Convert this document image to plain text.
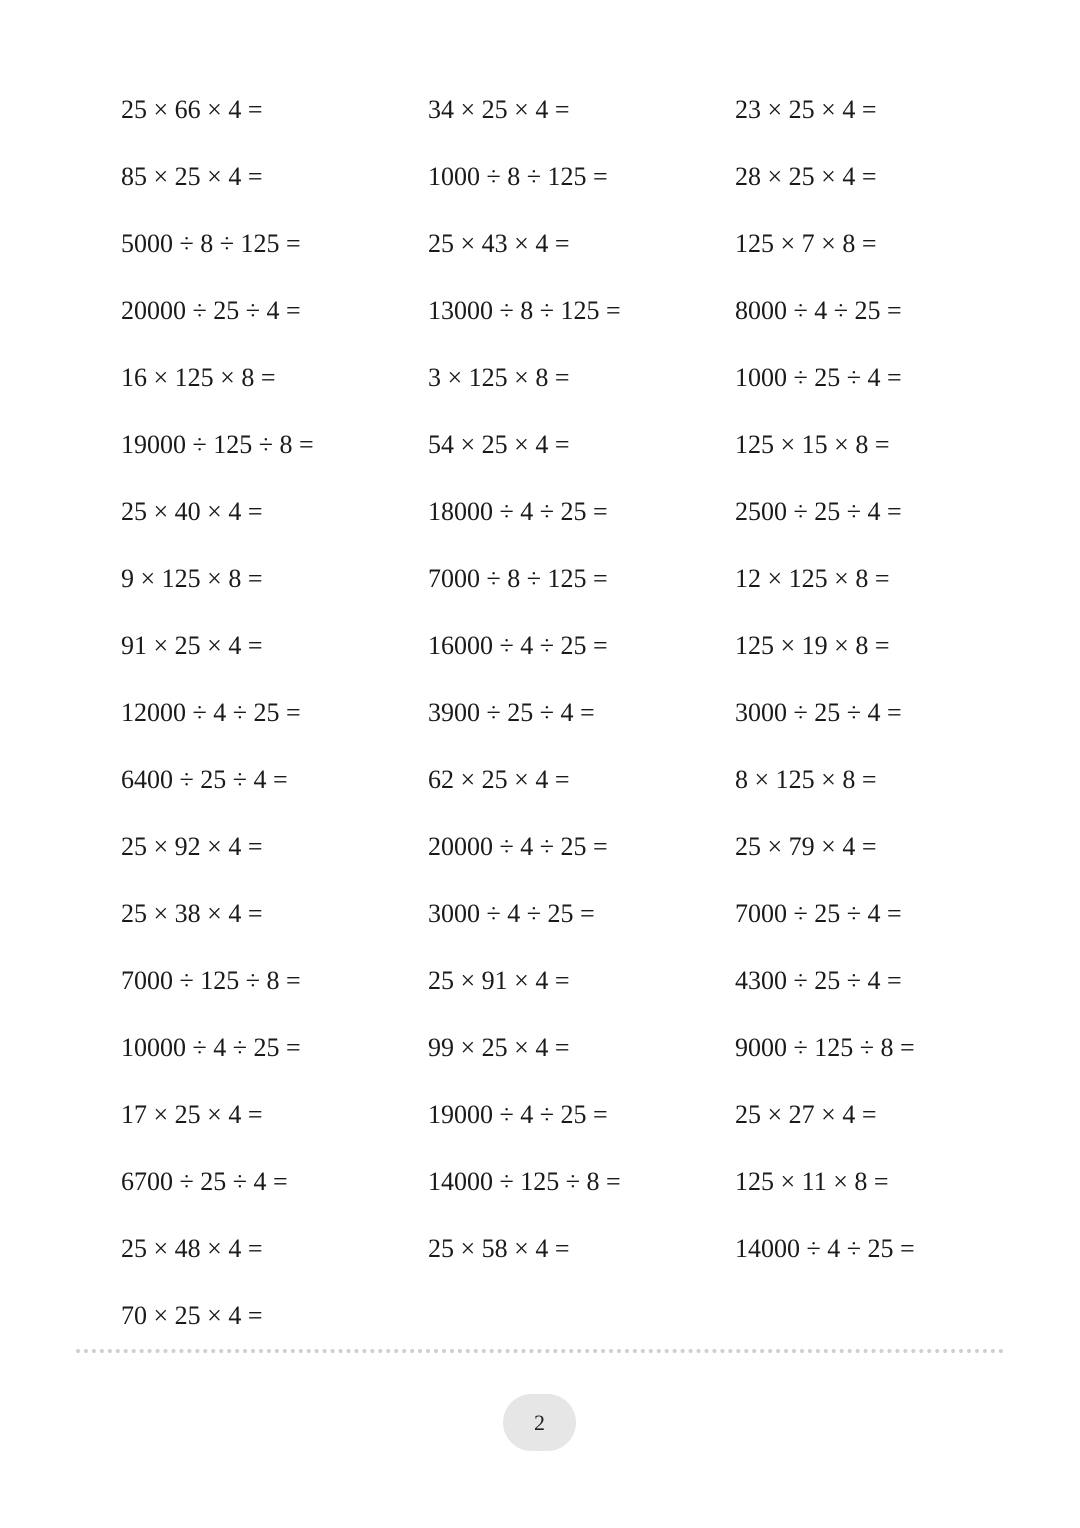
25 × 66 × 4 =	34 × 25 × 4 =	23 × 25 × 4 =
85 × 25 × 4 =	1000 ÷ 8 ÷ 125 =	28 × 25 × 4 =
5000 ÷ 8 ÷ 125 =	25 × 43 × 4 =	125 × 7 × 8 =
20000 ÷ 25 ÷ 4 =	13000 ÷ 8 ÷ 125 =	8000 ÷ 4 ÷ 25 =
16 × 125 × 8 =	3 × 125 × 8 =	1000 ÷ 25 ÷ 4 =
19000 ÷ 125 ÷ 8 =	54 × 25 × 4 =	125 × 15 × 8 =
25 × 40 × 4 =	18000 ÷ 4 ÷ 25 =	2500 ÷ 25 ÷ 4 =
9 × 125 × 8 =	7000 ÷ 8 ÷ 125 =	12 × 125 × 8 =
91 × 25 × 4 =	16000 ÷ 4 ÷ 25 =	125 × 19 × 8 =
12000 ÷ 4 ÷ 25 =	3900 ÷ 25 ÷ 4 =	3000 ÷ 25 ÷ 4 =
6400 ÷ 25 ÷ 4 =	62 × 25 × 4 =	8 × 125 × 8 =
25 × 92 × 4 =	20000 ÷ 4 ÷ 25 =	25 × 79 × 4 =
25 × 38 × 4 =	3000 ÷ 4 ÷ 25 =	7000 ÷ 25 ÷ 4 =
7000 ÷ 125 ÷ 8 =	25 × 91 × 4 =	4300 ÷ 25 ÷ 4 =
10000 ÷ 4 ÷ 25 =	99 × 25 × 4 =	9000 ÷ 125 ÷ 8 =
17 × 25 × 4 =	19000 ÷ 4 ÷ 25 =	25 × 27 × 4 =
6700 ÷ 25 ÷ 4 =	14000 ÷ 125 ÷ 8 =	125 × 11 × 8 =
25 × 48 × 4 =	25 × 58 × 4 =	14000 ÷ 4 ÷ 25 =
70 × 25 × 4 =
2
